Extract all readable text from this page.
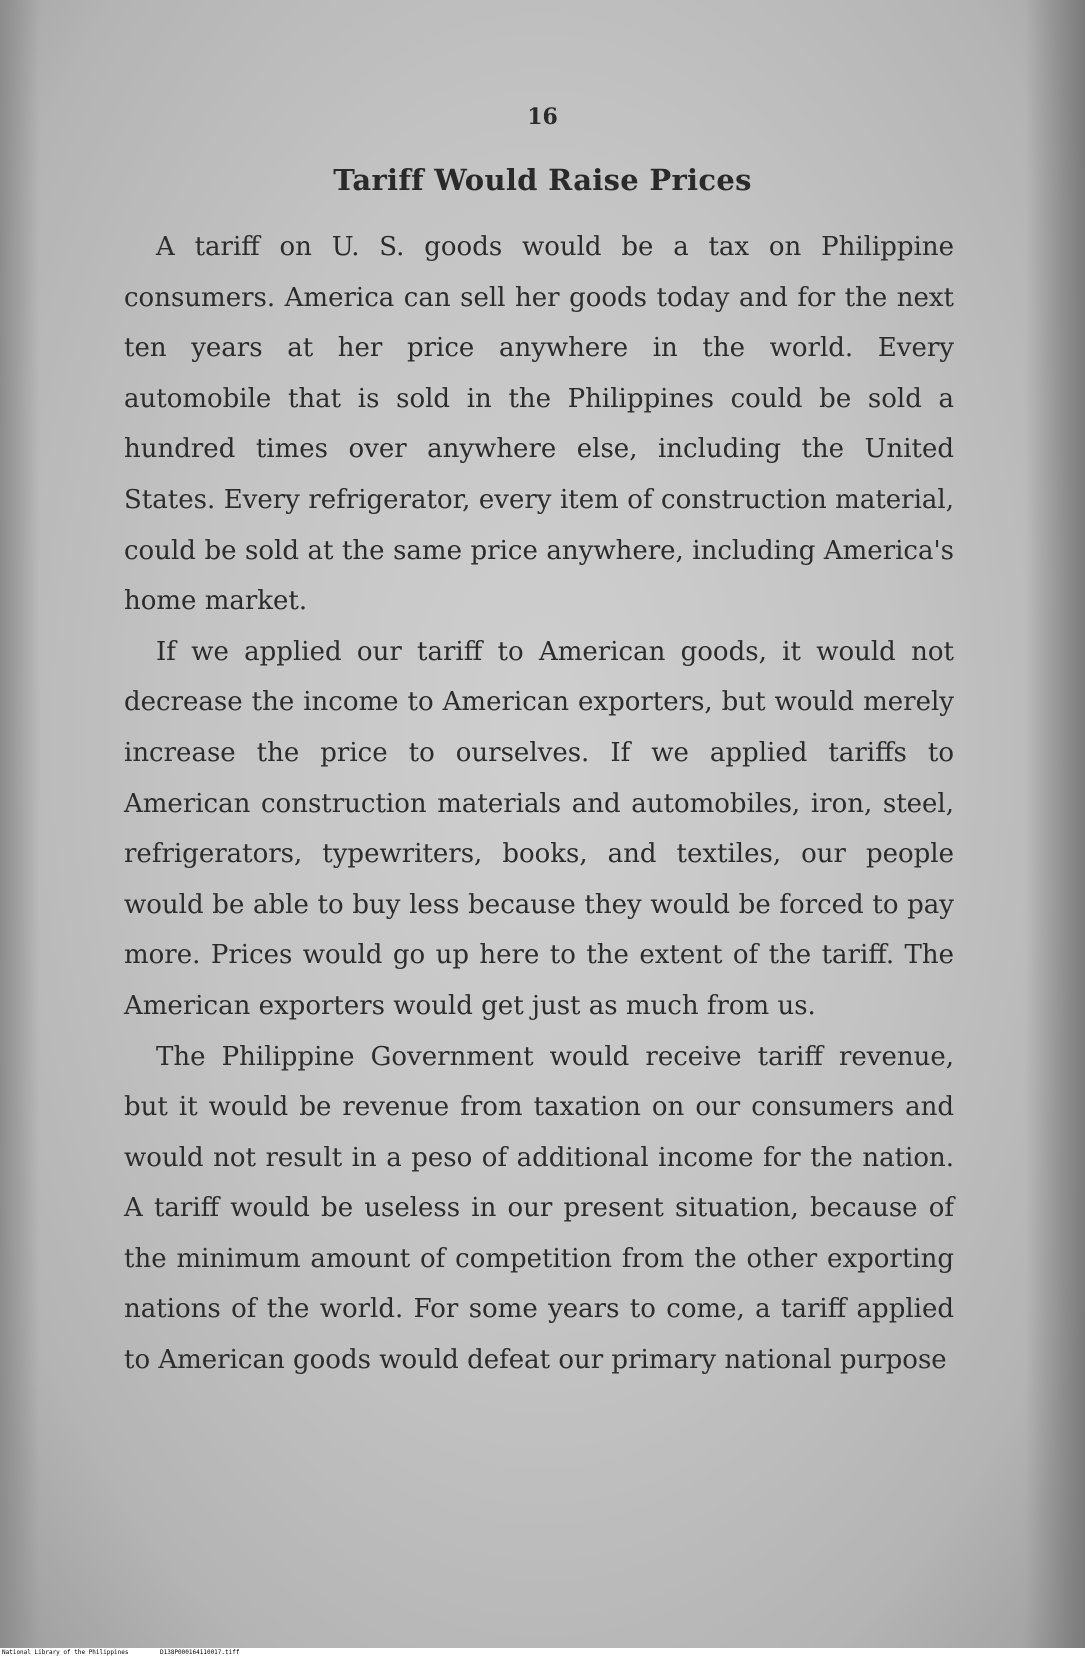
16
Tariff Would Raise Prices

A tariff on U. S. goods would be a tax on Philippine consumers. America can sell her goods today and for the next ten years at her price anywhere in the world. Every automobile that is sold in the Philippines could be sold a hundred times over anywhere else, including the United States. Every refrigerator, every item of construction material, could be sold at the same price anywhere, including America's home market.

If we applied our tariff to American goods, it would not decrease the income to American exporters, but would merely increase the price to ourselves. If we applied tariffs to American construction materials and automobiles, iron, steel, refrigerators, typewriters, books, and textiles, our people would be able to buy less because they would be forced to pay more. Prices would go up here to the extent of the tariff. The American exporters would get just as much from us.

The Philippine Government would receive tariff revenue, but it would be revenue from taxation on our consumers and would not result in a peso of additional income for the nation. A tariff would be useless in our present situation, because of the minimum amount of competition from the other exporting nations of the world. For some years to come, a tariff applied to American goods would defeat our primary national purpose

National Library of the Philippines	D138P000164110017.tiff
